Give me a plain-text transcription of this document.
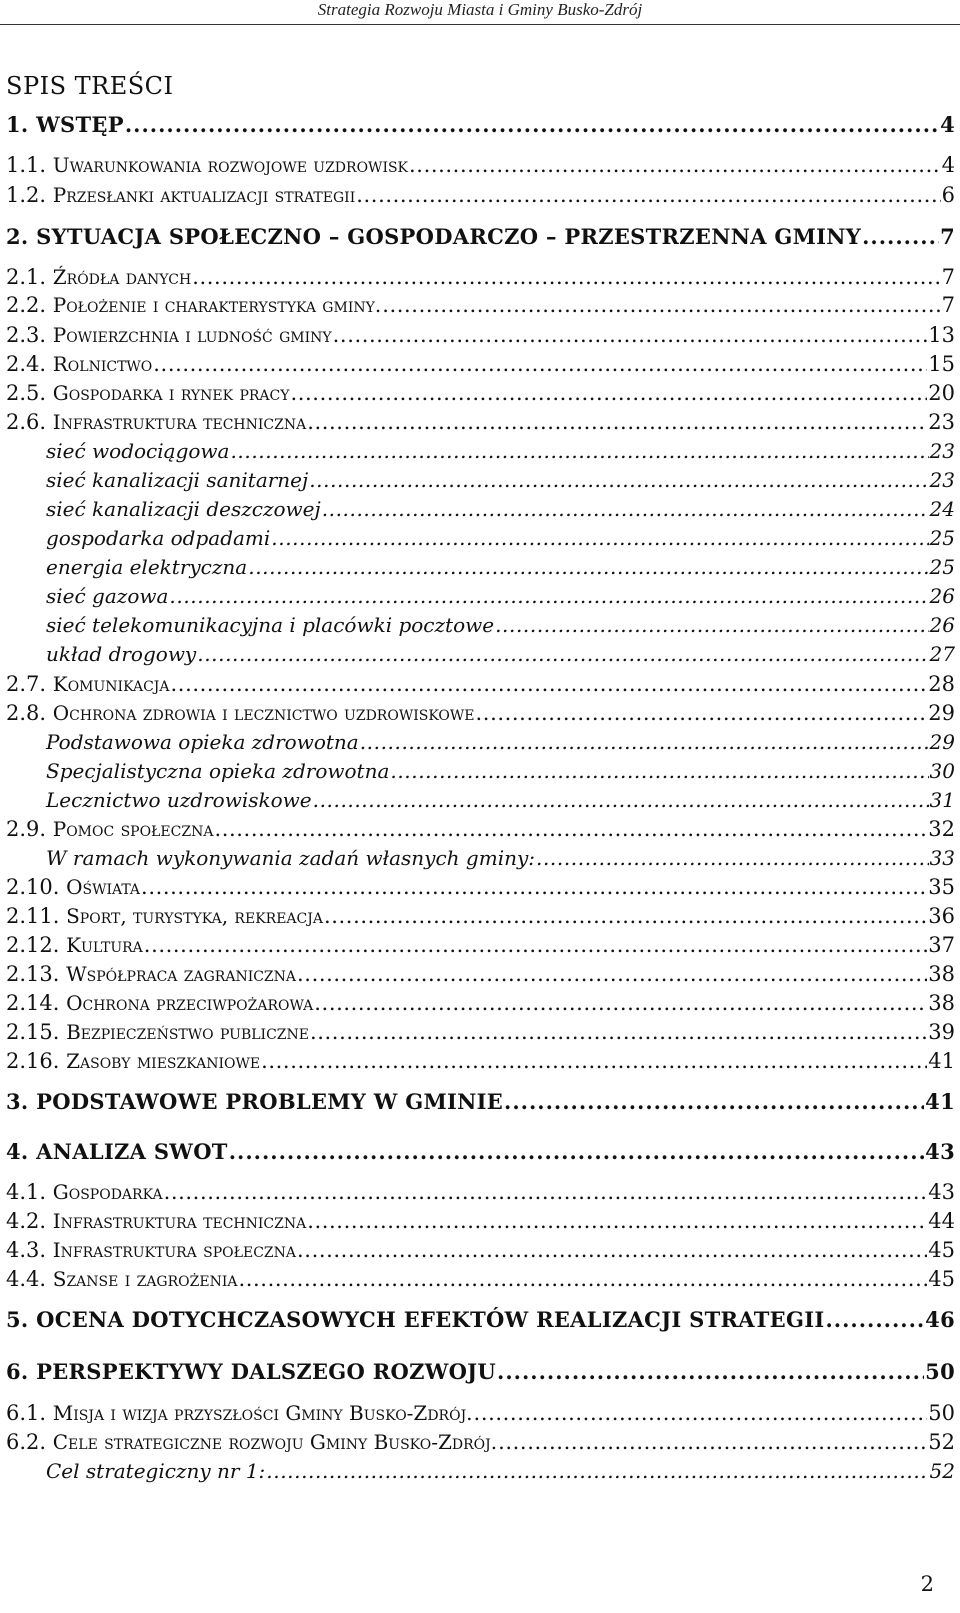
Strategia Rozwoju Miasta i Gminy Busko-Zdrój
SPIS TREŚCI
1. WSTĘP .....	4
1.1. Uwarunkowania rozwojowe uzdrowisk .....	4
1.2. Przesłanki aktualizacji strategii .....	6
2. SYTUACJA SPOŁECZNO – GOSPODARCZO – PRZESTRZENNA GMINY .....	7
2.1. Źródła danych .....	7
2.2. Położenie i charakterystyka gminy. .....	7
2.3. Powierzchnia i ludność gminy .....	13
2.4. Rolnictwo .....	15
2.5. Gospodarka i rynek pracy .....	20
2.6. Infrastruktura techniczna .....	23
sieć wodociągowa .....	23
sieć kanalizacji sanitarnej .....	23
sieć kanalizacji deszczowej .....	24
gospodarka odpadami .....	25
energia elektryczna .....	25
sieć gazowa .....	26
sieć telekomunikacyjna i placówki pocztowe .....	26
układ drogowy .....	27
2.7. Komunikacja .....	28
2.8. Ochrona zdrowia i lecznictwo uzdrowiskowe .....	29
Podstawowa opieka zdrowotna .....	29
Specjalistyczna opieka zdrowotna .....	30
Lecznictwo uzdrowiskowe .....	31
2.9. Pomoc społeczna .....	32
W ramach wykonywania zadań własnych gminy: .....	33
2.10. Oświata .....	35
2.11. Sport, turystyka, rekreacja .....	36
2.12. Kultura .....	37
2.13. Współpraca zagraniczna .....	38
2.14. Ochrona przeciwpożarowa .....	38
2.15. Bezpieczeństwo publiczne .....	39
2.16. Zasoby mieszkaniowe .....	41
3. PODSTAWOWE PROBLEMY W GMINIE .....	41
4. ANALIZA SWOT .....	43
4.1. Gospodarka .....	43
4.2. Infrastruktura techniczna .....	44
4.3. Infrastruktura społeczna .....	45
4.4. Szanse i zagrożenia .....	45
5. OCENA DOTYCHCZASOWYCH EFEKTÓW REALIZACJI STRATEGII .....	46
6. PERSPEKTYWY DALSZEGO ROZWOJU .....	50
6.1. Misja i wizja przyszłości Gminy Busko-Zdrój. .....	50
6.2. Cele strategiczne rozwoju Gminy Busko-Zdrój. .....	52
Cel strategiczny nr 1: .....	52
2
